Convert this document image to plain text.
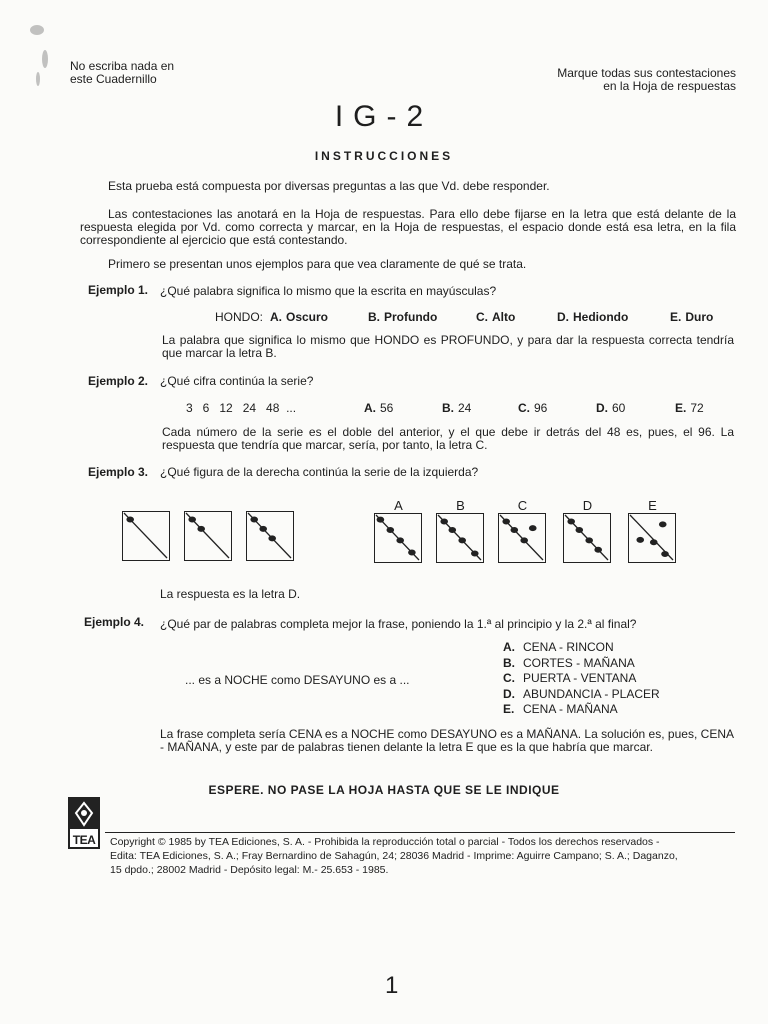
No escriba nada en
este Cuadernillo	Marque todas sus contestaciones
en la Hoja de respuestas
IG-2
INSTRUCCIONES
Esta prueba está compuesta por diversas preguntas a las que Vd. debe responder.
Las contestaciones las anotará en la Hoja de respuestas. Para ello debe fijarse en la letra que está delante de la respuesta elegida por Vd. como correcta y marcar, en la Hoja de respuestas, el espacio donde está esa letra, en la fila correspondiente al ejercicio que está contestando.
Primero se presentan unos ejemplos para que vea claramente de qué se trata.
Ejemplo 1. ¿Qué palabra significa lo mismo que la escrita en mayúsculas?
HONDO: A. Oscuro	B. Profundo	C. Alto	D. Hediondo	E. Duro
La palabra que significa lo mismo que HONDO es PROFUNDO, y para dar la respuesta correcta tendría que marcar la letra B.
Ejemplo 2. ¿Qué cifra continúa la serie?
3   6   12   24   48  ...	A. 56	B. 24	C. 96	D. 60	E. 72
Cada número de la serie es el doble del anterior, y el que debe ir detrás del 48 es, pues, el 96. La respuesta que tendría que marcar, sería, por tanto, la letra C.
Ejemplo 3. ¿Qué figura de la derecha continúa la serie de la izquierda?
A	B	C	D	E
La respuesta es la letra D.
Ejemplo 4. ¿Qué par de palabras completa mejor la frase, poniendo la 1.ª al principio y la 2.ª al final?
... es a NOCHE como DESAYUNO es a ...
A. CENA - RINCON
B. CORTES - MAÑANA
C. PUERTA - VENTANA
D. ABUNDANCIA - PLACER
E. CENA - MAÑANA
La frase completa sería CENA es a NOCHE como DESAYUNO es a MAÑANA. La solución es, pues, CENA - MAÑANA, y este par de palabras tienen delante la letra E que es la que habría que marcar.
ESPERE. NO PASE LA HOJA HASTA QUE SE LE INDIQUE
TEA Copyright © 1985 by TEA Ediciones, S. A. - Prohibida la reproducción total o parcial - Todos los derechos reservados -
Edita: TEA Ediciones, S. A.; Fray Bernardino de Sahagún, 24; 28036 Madrid - Imprime: Aguirre Campano; S. A.; Daganzo,
15 dpdo.; 28002 Madrid - Depósito legal: M.- 25.653 - 1985.
1
